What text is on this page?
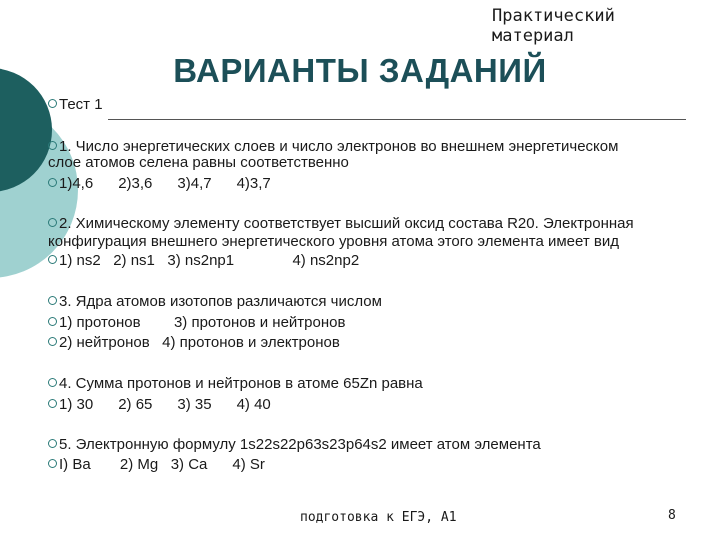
Практический
материал
ВАРИАНТЫ ЗАДАНИЙ
Тест 1
1. Число энергетических слоев и число электронов во внешнем энергетическом
слое атомов селена равны соответственно
1)4,6      2)3,6      3)4,7      4)3,7
2. Химическому элементу соответствует высший оксид состава R20. Электронная
конфигурация внешнего энергетического уровня атома этого элемента имеет вид
1) ns2   2) ns1   3) ns2np1              4) ns2np2
3. Ядра атомов изотопов различаются числом
1) протонов        3) протонов и нейтронов
2) нейтронов   4) протонов и электронов
4. Сумма протонов и нейтронов в атоме 65Zn равна
1) 30      2) 65      3) 35      4) 40
5. Электронную формулу 1s22s22p63s23p64s2 имеет атом элемента
I) Ba       2) Mg   3) Ca      4) Sr
подготовка к ЕГЭ, А1	8
